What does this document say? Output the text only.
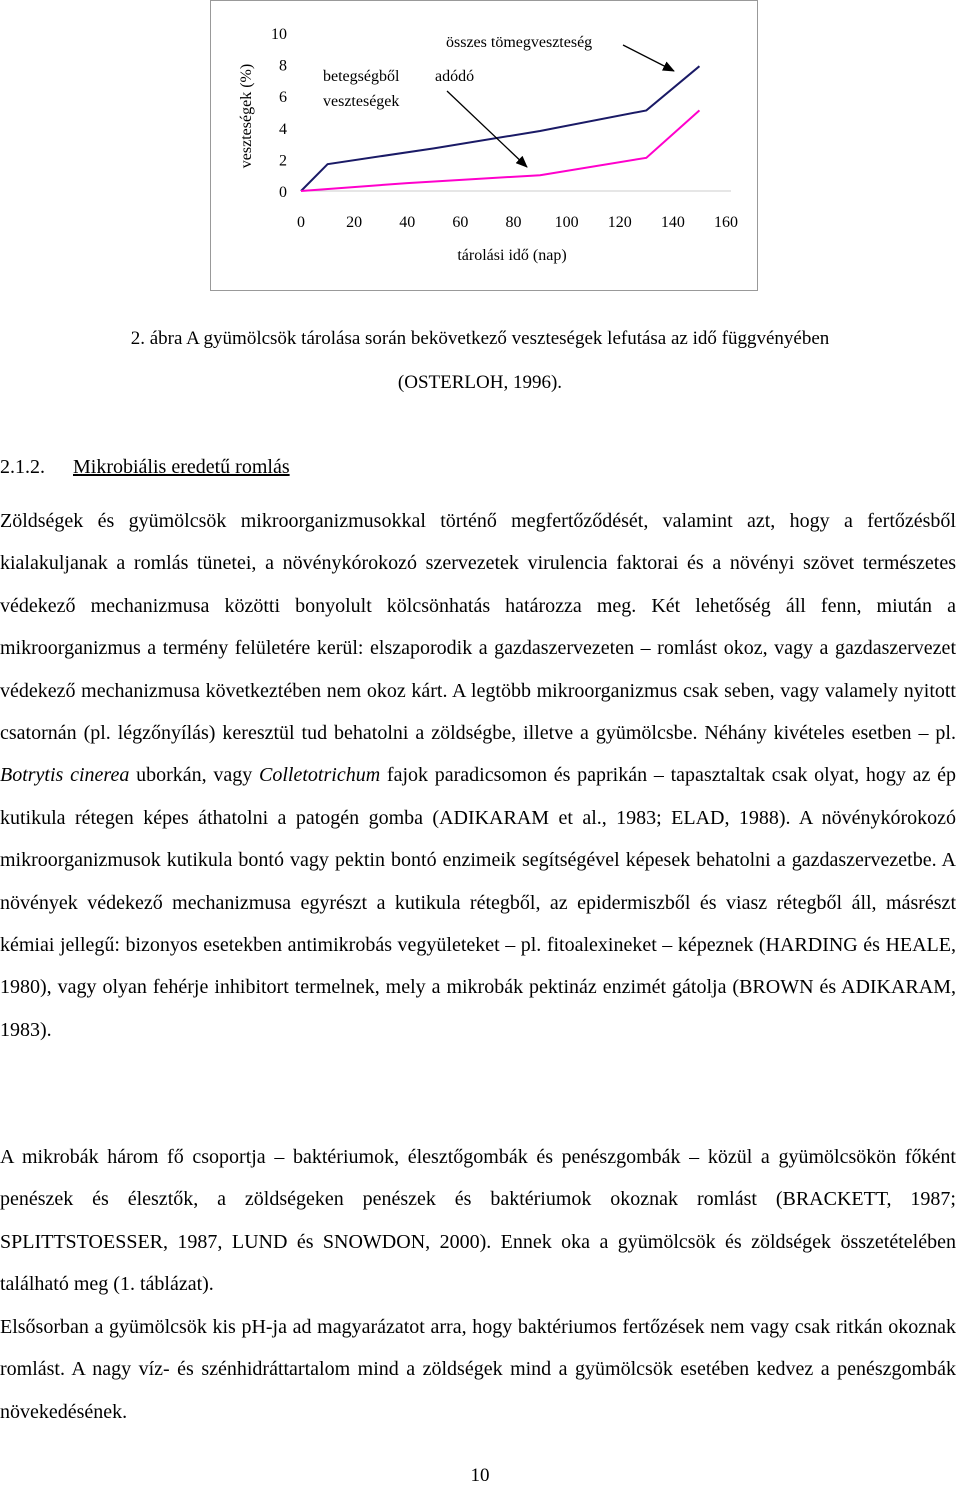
0
2
4
6
8
10
0	20 40 60 80 100 120 140 160
veszteségek (%)
tárolási idő (nap)
összes tömegveszteség
betegségből
veszteségek
adódó
2. ábra A gyümölcsök tárolása során bekövetkező veszteségek lefutása az idő függvényében
(OSTERLOH, 1996).
2.1.2. Mikrobiális eredetű romlás

Zöldségek és gyümölcsök mikroorganizmusokkal történő megfertőződését, valamint azt, hogy a fertőzésből kialakuljanak a romlás tünetei, a növénykórokozó szervezetek virulencia faktorai és a növényi szövet természetes védekező mechanizmusa közötti bonyolult kölcsönhatás határozza meg. Két lehetőség áll fenn, miután a mikroorganizmus a termény felületére kerül: elszaporodik a gazdaszervezeten – romlást okoz, vagy a gazdaszervezet védekező mechanizmusa következtében nem okoz kárt. A legtöbb mikroorganizmus csak seben, vagy valamely nyitott csatornán (pl. légzőnyílás) keresztül tud behatolni a zöldségbe, illetve a gyümölcsbe. Néhány kivételes esetben – pl. Botrytis cinerea uborkán, vagy Colletotrichum fajok paradicsomon és paprikán – tapasztaltak csak olyat, hogy az ép kutikula rétegen képes áthatolni a patogén gomba (ADIKARAM et al., 1983; ELAD, 1988). A növénykórokozó mikroorganizmusok kutikula bontó vagy pektin bontó enzimeik segítségével képesek behatolni a gazdaszervezetbe. A növények védekező mechanizmusa egyrészt a kutikula rétegből, az epidermiszből és viasz rétegből áll, másrészt kémiai jellegű: bizonyos esetekben antimikrobás vegyületeket – pl. fitoalexineket – képeznek (HARDING és HEALE, 1980), vagy olyan fehérje inhibitort termelnek, mely a mikrobák pektináz enzimét gátolja (BROWN és ADIKARAM, 1983).

A mikrobák három fő csoportja – baktériumok, élesztőgombák és penészgombák – közül a gyümölcsökön főként penészek és élesztők, a zöldségeken penészek és baktériumok okoznak romlást (BRACKETT, 1987; SPLITTSTOESSER, 1987, LUND és SNOWDON, 2000). Ennek oka a gyümölcsök és zöldségek összetételében található meg (1. táblázat).

Elsősorban a gyümölcsök kis pH-ja ad magyarázatot arra, hogy baktériumos fertőzések nem vagy csak ritkán okoznak romlást. A nagy víz- és szénhidráttartalom mind a zöldségek mind a gyümölcsök esetében kedvez a penészgombák növekedésének.

10
